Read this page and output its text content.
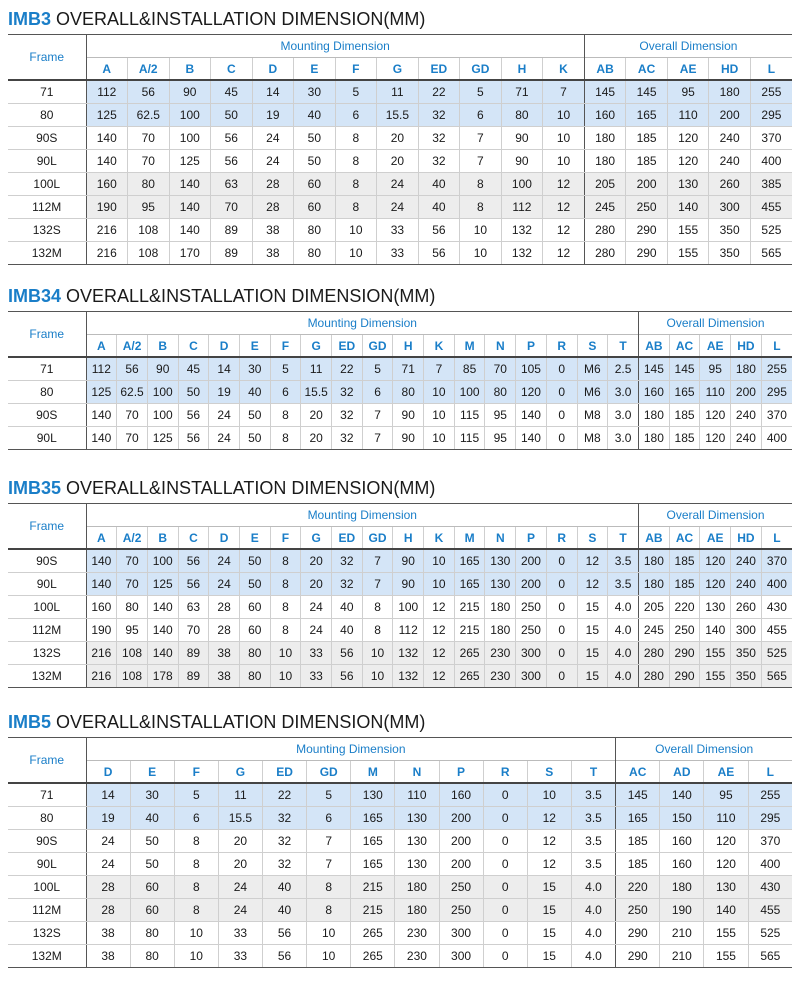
IMB3 OVERALL&INSTALLATION DIMENSION(MM)
Frame	Mounting Dimension												Overall Dimension				
	A	A/2	B	C	D	E	F	G	ED	GD	H	K	AB	AC	AE	HD	L
71	112	56	90	45	14	30	5	11	22	5	71	7	145	145	95	180	255
80	125	62.5	100	50	19	40	6	15.5	32	6	80	10	160	165	110	200	295
90S	140	70	100	56	24	50	8	20	32	7	90	10	180	185	120	240	370
90L	140	70	125	56	24	50	8	20	32	7	90	10	180	185	120	240	400
100L	160	80	140	63	28	60	8	24	40	8	100	12	205	200	130	260	385
112M	190	95	140	70	28	60	8	24	40	8	112	12	245	250	140	300	455
132S	216	108	140	89	38	80	10	33	56	10	132	12	280	290	155	350	525
132M	216	108	170	89	38	80	10	33	56	10	132	12	280	290	155	350	565
IMB34 OVERALL&INSTALLATION DIMENSION(MM)
Frame	Mounting Dimension																		Overall Dimension				
	A	A/2	B	C	D	E	F	G	ED	GD	H	K	M	N	P	R	S	T	AB	AC	AE	HD	L
71	112	56	90	45	14	30	5	11	22	5	71	7	85	70	105	0	M6	2.5	145	145	95	180	255
80	125	62.5	100	50	19	40	6	15.5	32	6	80	10	100	80	120	0	M6	3.0	160	165	110	200	295
90S	140	70	100	56	24	50	8	20	32	7	90	10	115	95	140	0	M8	3.0	180	185	120	240	370
90L	140	70	125	56	24	50	8	20	32	7	90	10	115	95	140	0	M8	3.0	180	185	120	240	400
IMB35 OVERALL&INSTALLATION DIMENSION(MM)
Frame	Mounting Dimension																		Overall Dimension				
	A	A/2	B	C	D	E	F	G	ED	GD	H	K	M	N	P	R	S	T	AB	AC	AE	HD	L
90S	140	70	100	56	24	50	8	20	32	7	90	10	165	130	200	0	12	3.5	180	185	120	240	370
90L	140	70	125	56	24	50	8	20	32	7	90	10	165	130	200	0	12	3.5	180	185	120	240	400
100L	160	80	140	63	28	60	8	24	40	8	100	12	215	180	250	0	15	4.0	205	220	130	260	430
112M	190	95	140	70	28	60	8	24	40	8	112	12	215	180	250	0	15	4.0	245	250	140	300	455
132S	216	108	140	89	38	80	10	33	56	10	132	12	265	230	300	0	15	4.0	280	290	155	350	525
132M	216	108	178	89	38	80	10	33	56	10	132	12	265	230	300	0	15	4.0	280	290	155	350	565
IMB5 OVERALL&INSTALLATION DIMENSION(MM)
Frame	Mounting Dimension												Overall Dimension			
	D	E	F	G	ED	GD	M	N	P	R	S	T	AC	AD	AE	L
71	14	30	5	11	22	5	130	110	160	0	10	3.5	145	140	95	255
80	19	40	6	15.5	32	6	165	130	200	0	12	3.5	165	150	110	295
90S	24	50	8	20	32	7	165	130	200	0	12	3.5	185	160	120	370
90L	24	50	8	20	32	7	165	130	200	0	12	3.5	185	160	120	400
100L	28	60	8	24	40	8	215	180	250	0	15	4.0	220	180	130	430
112M	28	60	8	24	40	8	215	180	250	0	15	4.0	250	190	140	455
132S	38	80	10	33	56	10	265	230	300	0	15	4.0	290	210	155	525
132M	38	80	10	33	56	10	265	230	300	0	15	4.0	290	210	155	565
